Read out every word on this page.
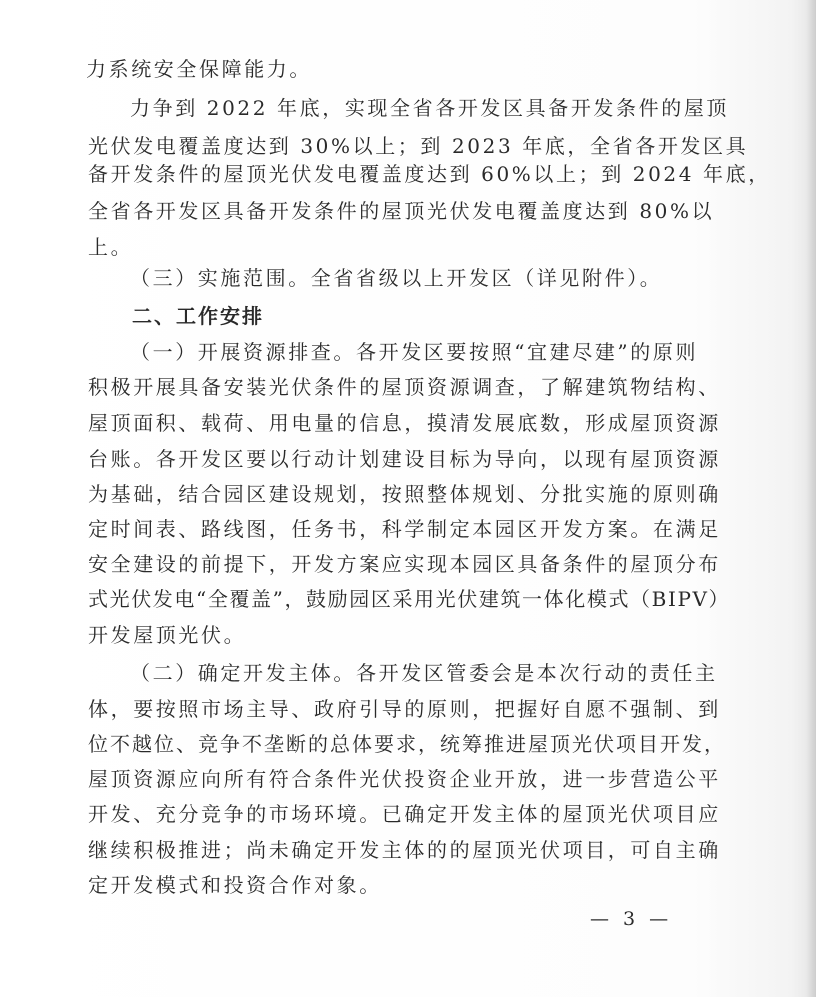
力系统安全保障能力。
力争到 2022 年底，实现全省各开发区具备开发条件的屋顶
光伏发电覆盖度达到 30%以上；到 2023 年底，全省各开发区具
备开发条件的屋顶光伏发电覆盖度达到 60%以上；到 2024 年底，
全省各开发区具备开发条件的屋顶光伏发电覆盖度达到 80%以
上。
（三）实施范围。全省省级以上开发区（详见附件）。
二、工作安排
（一）开展资源排查。各开发区要按照“宜建尽建”的原则
积极开展具备安装光伏条件的屋顶资源调查，了解建筑物结构、
屋顶面积、载荷、用电量的信息，摸清发展底数，形成屋顶资源
台账。各开发区要以行动计划建设目标为导向，以现有屋顶资源
为基础，结合园区建设规划，按照整体规划、分批实施的原则确
定时间表、路线图，任务书，科学制定本园区开发方案。在满足
安全建设的前提下，开发方案应实现本园区具备条件的屋顶分布
式光伏发电“全覆盖”，鼓励园区采用光伏建筑一体化模式（BIPV）
开发屋顶光伏。
（二）确定开发主体。各开发区管委会是本次行动的责任主
体，要按照市场主导、政府引导的原则，把握好自愿不强制、到
位不越位、竞争不垄断的总体要求，统筹推进屋顶光伏项目开发，
屋顶资源应向所有符合条件光伏投资企业开放，进一步营造公平
开发、充分竞争的市场环境。已确定开发主体的屋顶光伏项目应
继续积极推进；尚未确定开发主体的的屋顶光伏项目，可自主确
定开发模式和投资合作对象。
— 3 —
